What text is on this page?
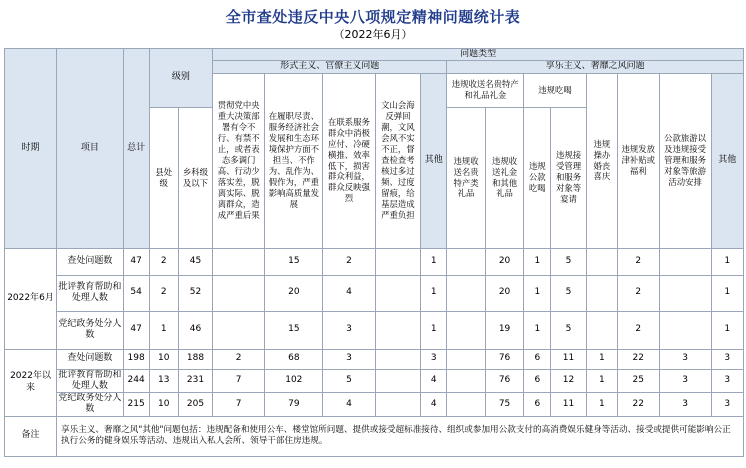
全市查处违反中央八项规定精神问题统计表
（2022年6月）
时期	项目	总计	级别		问题类型												
					形式主义、官僚主义问题					享乐主义、奢靡之风问题							
					贯彻党中央重大决策部署有令不行、有禁不止，或者表态多调门高、行动少落实差，脱离实际、脱离群众，造成严重后果	在履职尽责、服务经济社会发展和生态环境保护方面不担当、不作为、乱作为、假作为，严重影响高质量发展	在联系服务群众中消极应付、冷硬横推、效率低下，损害群众利益，群众反映强烈	文山会海反弹回潮，文风会风不实不正，督查检查考核过多过频、过度留痕，给基层造成严重负担	其他	违规收送名贵特产和礼品礼金		违规吃喝		违规操办婚丧喜庆	违规发放津补贴或福利	公款旅游以及违规接受管理和服务对象等旅游活动安排	其他
			县处级	乡科级及以下						违规收送名贵特产类礼品	违规收送礼金和其他礼品	违规公款吃喝	违规接受管理和服务对象等宴请				
2022年6月	查处问题数	47	2	45		15	2		1		20	1	5		2		1
	批评教育帮助和处理人数	54	2	52		20	4		1		20	1	5		2		1
	党纪政务处分人数	47	1	46		15	3		1		19	1	5		2		1
2022年以来	查处问题数	198	10	188	2	68	3		3		76	6	11	1	22	3	3
	批评教育帮助和处理人数	244	13	231	7	102	5		4		76	6	12	1	25	3	3
	党纪政务处分人数	215	10	205	7	79	4		4		75	6	11	1	22	3	3
备注	享乐主义、奢靡之风"其他"问题包括：违规配备和使用公车、楼堂馆所问题、提供或接受超标准接待、组织或参加用公款支付的高消费娱乐健身等活动、接受或提供可能影响公正执行公务的健身娱乐等活动、违规出入私人会所、领导干部住房违规。																
